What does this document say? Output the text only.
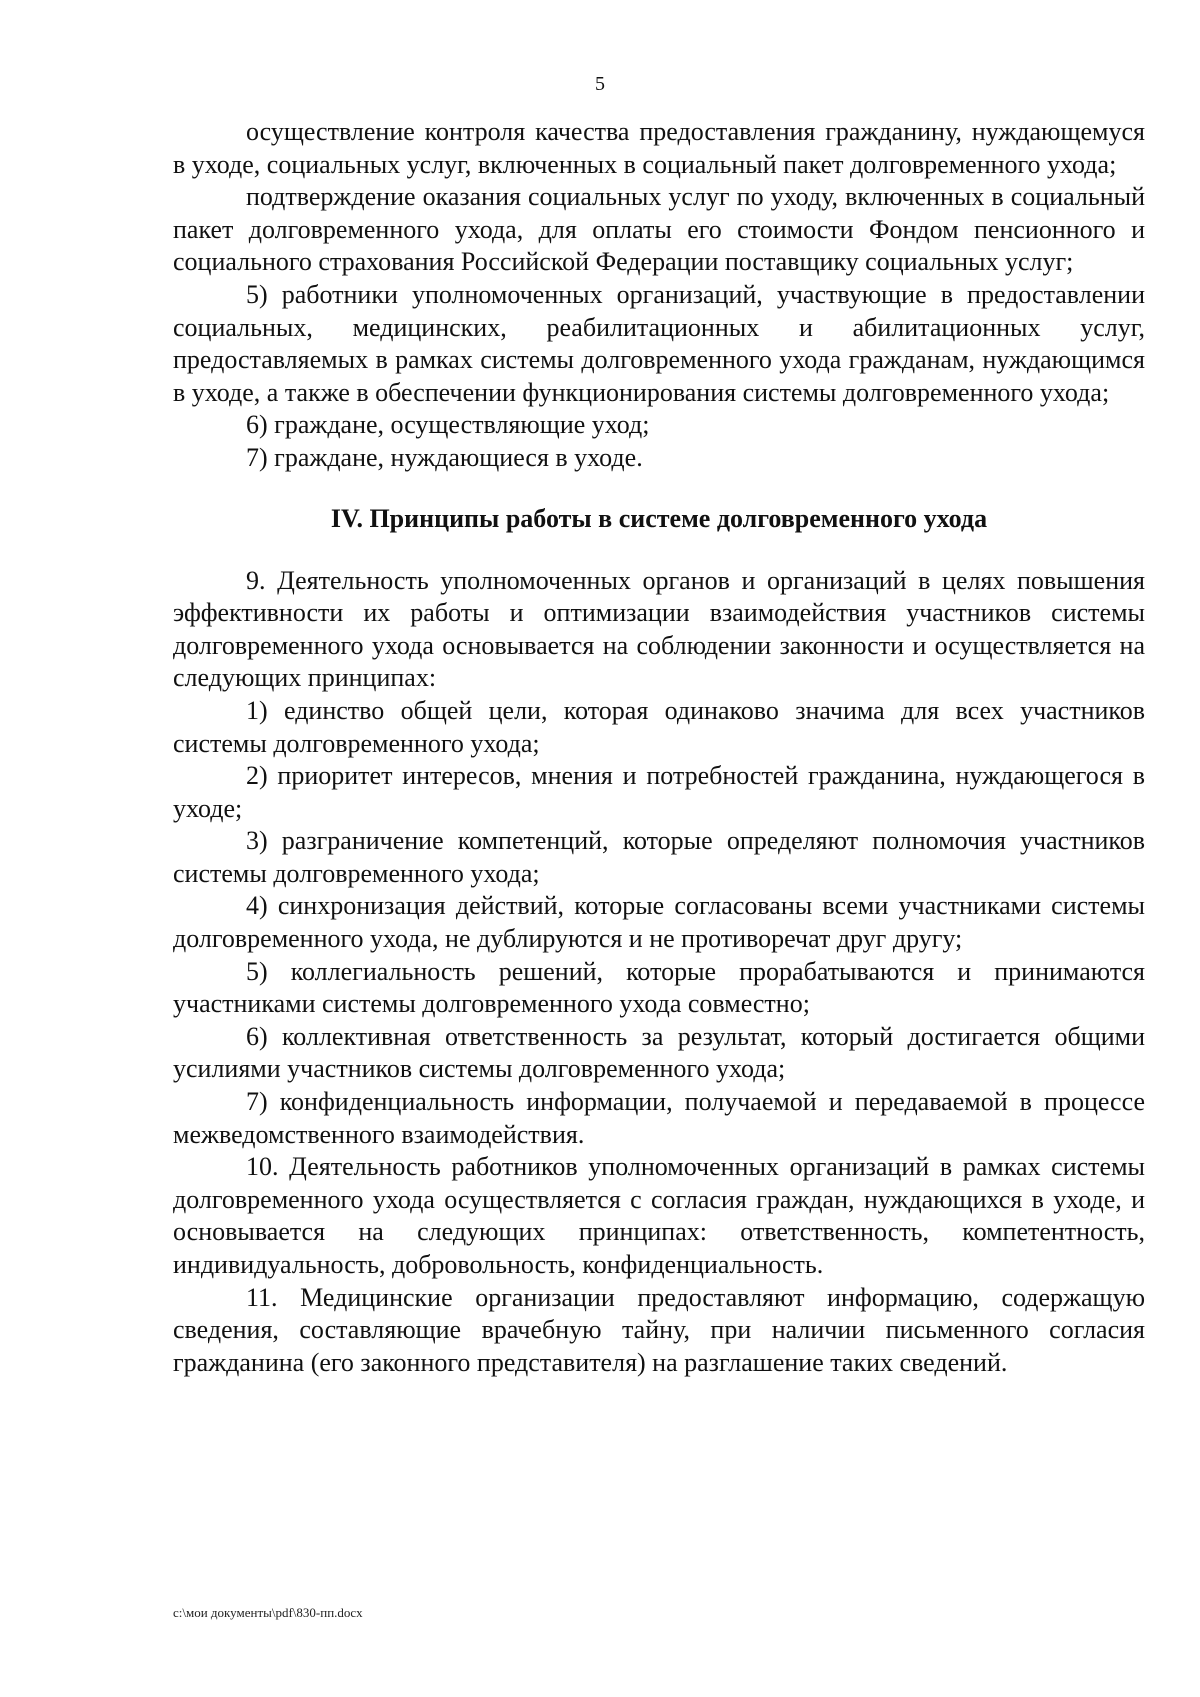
5

осуществление контроля качества предоставления гражданину, нуждающемуся в уходе, социальных услуг, включенных в социальный пакет долговременного ухода;

подтверждение оказания социальных услуг по уходу, включенных в социальный пакет долговременного ухода, для оплаты его стоимости Фондом пенсионного и социального страхования Российской Федерации поставщику социальных услуг;

5) работники уполномоченных организаций, участвующие в предоставлении социальных, медицинских, реабилитационных и абилитационных услуг, предоставляемых в рамках системы долговременного ухода гражданам, нуждающимся в уходе, а также в обеспечении функционирования системы долговременного ухода;

6) граждане, осуществляющие уход;

7) граждане, нуждающиеся в уходе.

IV. Принципы работы в системе долговременного ухода

9. Деятельность уполномоченных органов и организаций в целях повышения эффективности их работы и оптимизации взаимодействия участников системы долговременного ухода основывается на соблюдении законности и осуществляется на следующих принципах:

1) единство общей цели, которая одинаково значима для всех участников системы долговременного ухода;

2) приоритет интересов, мнения и потребностей гражданина, нуждающегося в уходе;

3) разграничение компетенций, которые определяют полномочия участников системы долговременного ухода;

4) синхронизация действий, которые согласованы всеми участниками системы долговременного ухода, не дублируются и не противоречат друг другу;

5) коллегиальность решений, которые прорабатываются и принимаются участниками системы долговременного ухода совместно;

6) коллективная ответственность за результат, который достигается общими усилиями участников системы долговременного ухода;

7) конфиденциальность информации, получаемой и передаваемой в процессе межведомственного взаимодействия.

10. Деятельность работников уполномоченных организаций в рамках системы долговременного ухода осуществляется с согласия граждан, нуждающихся в уходе, и основывается на следующих принципах: ответственность, компетентность, индивидуальность, добровольность, конфиденциальность.

11. Медицинские организации предоставляют информацию, содержащую сведения, составляющие врачебную тайну, при наличии письменного согласия гражданина (его законного представителя) на разглашение таких сведений.

c:\мои документы\pdf\830-пп.docx
